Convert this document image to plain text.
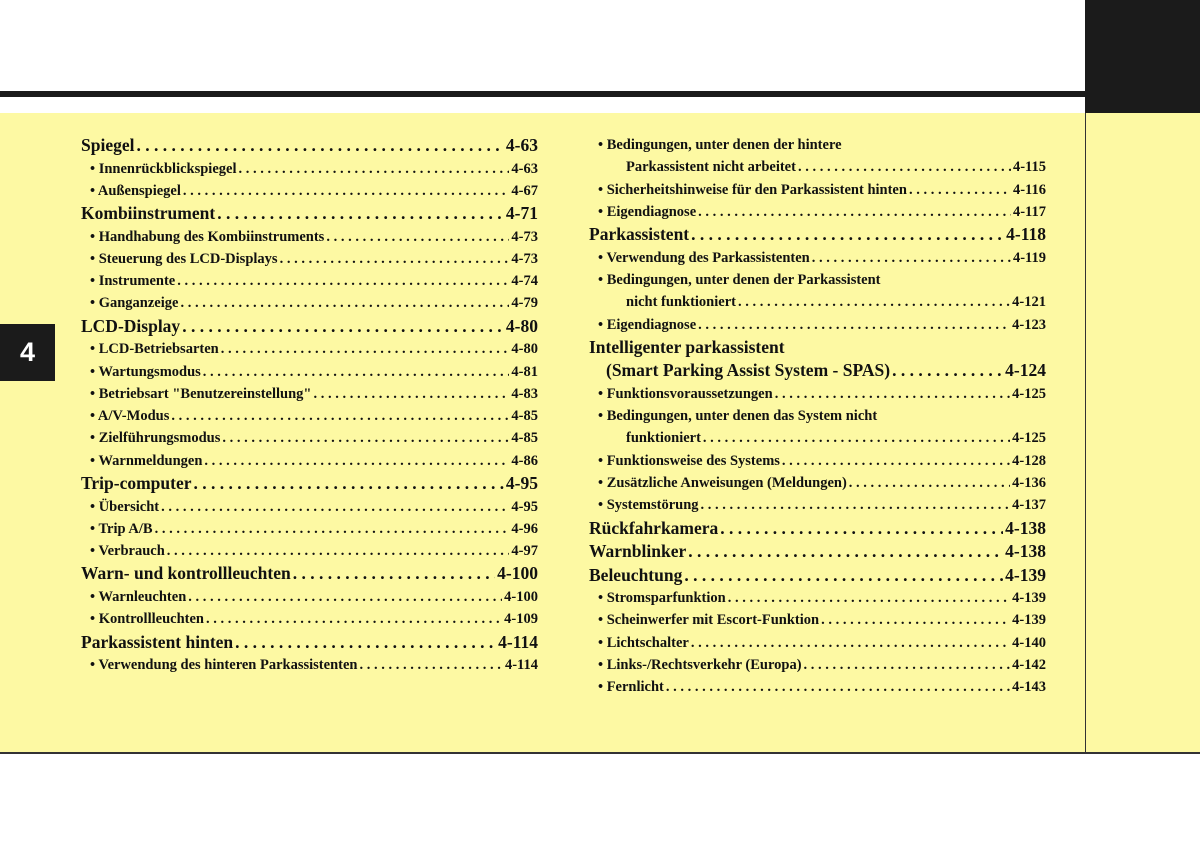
4
Spiegel . . .	4-63
• Innenrückblickspiegel . . .	4-63
• Außenspiegel . . .	4-67
Kombiinstrument . . .	4-71
• Handhabung des Kombiinstruments . . .	4-73
• Steuerung des LCD-Displays . . .	4-73
• Instrumente . . .	4-74
• Ganganzeige . . .	4-79
LCD-Display . . .	4-80
• LCD-Betriebsarten . . .	4-80
• Wartungsmodus . . .	4-81
• Betriebsart "Benutzereinstellung" . . .	4-83
• A/V-Modus . . .	4-85
• Zielführungsmodus . . .	4-85
• Warnmeldungen . . .	4-86
Trip-computer . . .	4-95
• Übersicht . . .	4-95
• Trip A/B . . .	4-96
• Verbrauch . . .	4-97
Warn- und kontrollleuchten . . .	4-100
• Warnleuchten . . .	4-100
• Kontrollleuchten . . .	4-109
Parkassistent hinten . . .	4-114
• Verwendung des hinteren Parkassistenten . . .	4-114
• Bedingungen, unter denen der hintere
Parkassistent nicht arbeitet . . .	4-115
• Sicherheitshinweise für den Parkassistent hinten . . .	4-116
• Eigendiagnose . . .	4-117
Parkassistent . . .	4-118
• Verwendung des Parkassistenten . . .	4-119
• Bedingungen, unter denen der Parkassistent
nicht funktioniert . . .	4-121
• Eigendiagnose . . .	4-123
Intelligenter parkassistent
(Smart Parking Assist System - SPAS) . . .	4-124
• Funktionsvoraussetzungen . . .	4-125
• Bedingungen, unter denen das System nicht
funktioniert . . .	4-125
• Funktionsweise des Systems . . .	4-128
• Zusätzliche Anweisungen (Meldungen) . . .	4-136
• Systemstörung . . .	4-137
Rückfahrkamera . . .	4-138
Warnblinker . . .	4-138
Beleuchtung . . .	4-139
• Stromsparfunktion . . .	4-139
• Scheinwerfer mit Escort-Funktion . . .	4-139
• Lichtschalter . . .	4-140
• Links-/Rechtsverkehr (Europa) . . .	4-142
• Fernlicht . . .	4-143
